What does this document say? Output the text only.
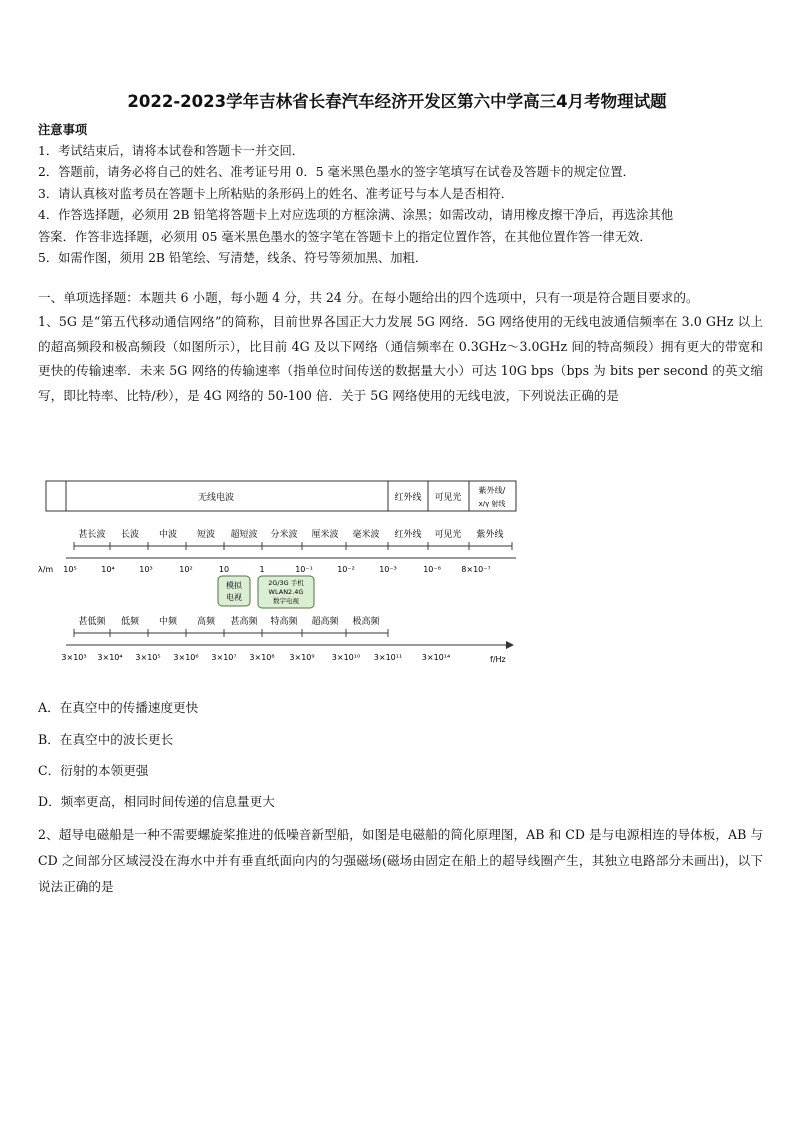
2022-2023学年吉林省长春汽车经济开发区第六中学高三4月考物理试题
注意事项
1．考试结束后，请将本试卷和答题卡一并交回．
2．答题前，请务必将自己的姓名、准考证号用 0．5 毫米黑色墨水的签字笔填写在试卷及答题卡的规定位置．
3．请认真核对监考员在答题卡上所粘贴的条形码上的姓名、准考证号与本人是否相符．
4．作答选择题，必须用 2B 铅笔将答题卡上对应选项的方框涂满、涂黑；如需改动，请用橡皮擦干净后，再选涂其他
答案．作答非选择题，必须用 05 毫米黑色墨水的签字笔在答题卡上的指定位置作答，在其他位置作答一律无效．
5．如需作图，须用 2B 铅笔绘、写清楚，线条、符号等须加黑、加粗．
一、单项选择题：本题共 6 小题，每小题 4 分，共 24 分。在每小题给出的四个选项中，只有一项是符合题目要求的。
1、5G 是“第五代移动通信网络”的简称，目前世界各国正大力发展 5G 网络．5G 网络使用的无线电波通信频率在 3.0 GHz 以上的超高频段和极高频段（如图所示），比目前 4G 及以下网络（通信频率在 0.3GHz～3.0GHz 间的特高频段）拥有更大的带宽和更快的传输速率．未来 5G 网络的传输速率（指单位时间传送的数据量大小）可达 10G bps（bps 为 bits per second 的英文缩写，即比特率、比特/秒），是 4G 网络的 50-100 倍．关于 5G 网络使用的无线电波，下列说法正确的是
无线电波	红外线 可见光
紫外线/
x/γ 射线
甚长波 长波 中波 短波 超短波 分米波 厘米波 毫米波 红外线 可见光 紫外线
λ/m 10⁵	10⁴	10³	10²	10	1	10⁻¹	10⁻²	10⁻³	10⁻⁶	8×10⁻⁷
模拟
电视
2G/3G 手机
WLAN2.4G
数字电视
甚低频 低频 中频 高频 甚高频 特高频 超高频 极高频
f/Hz
3×10³ 3×10⁴ 3×10⁵ 3×10⁶ 3×10⁷ 3×10⁸ 3×10⁹ 3×10¹⁰ 3×10¹¹ 3×10¹⁴
A．在真空中的传播速度更快
B．在真空中的波长更长
C．衍射的本领更强
D．频率更高，相同时间传递的信息量更大
2、超导电磁船是一种不需要螺旋桨推进的低噪音新型船，如图是电磁船的简化原理图，AB 和 CD 是与电源相连的导体板，AB 与 CD 之间部分区域浸没在海水中并有垂直纸面向内的匀强磁场(磁场由固定在船上的超导线圈产生，其独立电路部分未画出)，以下说法正确的是
